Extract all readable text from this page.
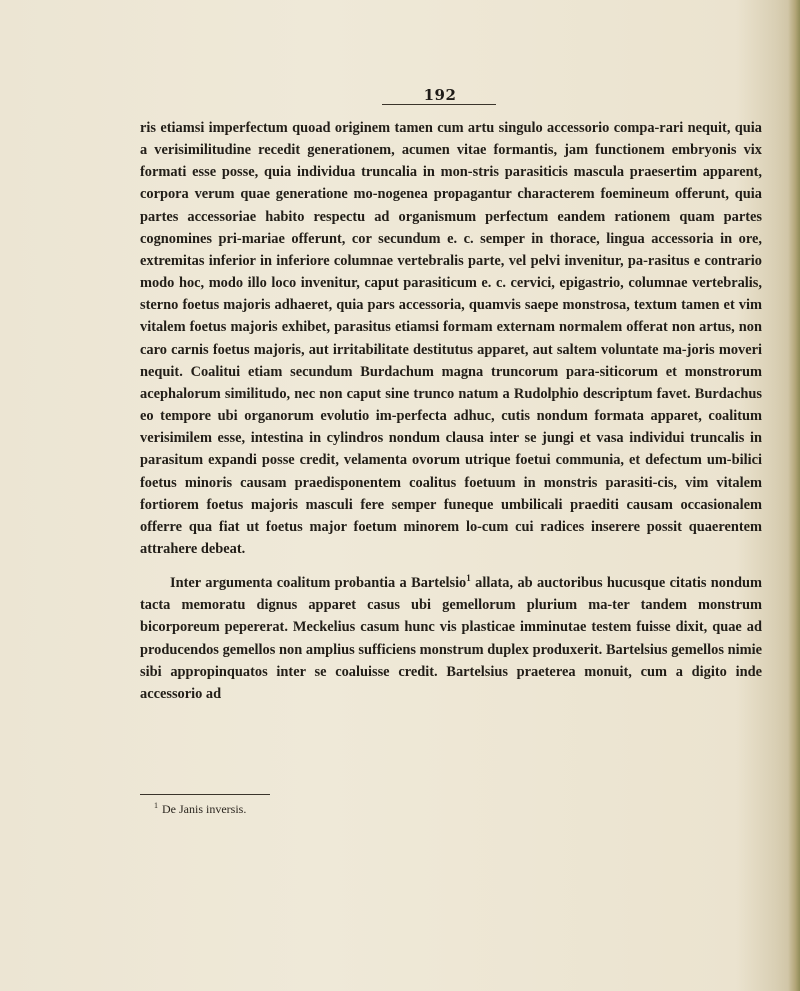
192

ris etiamsi imperfectum quoad originem tamen cum artu singulo accessorio compa-rari nequit, quia a verisimilitudine recedit generationem, acumen vitae formantis, jam functionem embryonis vix formati esse posse, quia individua truncalia in mon-stris parasiticis mascula praesertim apparent, corpora verum quae generatione mo-nogenea propagantur characterem foemineum offerunt, quia partes accessoriae habito respectu ad organismum perfectum eandem rationem quam partes cognomines pri-mariae offerunt, cor secundum e. c. semper in thorace, lingua accessoria in ore, extremitas inferior in inferiore columnae vertebralis parte, vel pelvi invenitur, pa-rasitus e contrario modo hoc, modo illo loco invenitur, caput parasiticum e. c. cervici, epigastrio, columnae vertebralis, sterno foetus majoris adhaeret, quia pars accessoria, quamvis saepe monstrosa, textum tamen et vim vitalem foetus majoris exhibet, parasitus etiamsi formam externam normalem offerat non artus, non caro carnis foetus majoris, aut irritabilitate destitutus apparet, aut saltem voluntate ma-joris moveri nequit. Coalitui etiam secundum Burdachum magna truncorum para-siticorum et monstrorum acephalorum similitudo, nec non caput sine trunco natum a Rudolphio descriptum favet. Burdachus eo tempore ubi organorum evolutio im-perfecta adhuc, cutis nondum formata apparet, coalitum verisimilem esse, intestina in cylindros nondum clausa inter se jungi et vasa individui truncalis in parasitum expandi posse credit, velamenta ovorum utrique foetui communia, et defectum um-bilici foetus minoris causam praedisponentem coalitus foetuum in monstris parasiti-cis, vim vitalem fortiorem foetus majoris masculi fere semper funeque umbilicali praediti causam occasionalem offerre qua fiat ut foetus major foetum minorem lo-cum cui radices inserere possit quaerentem attrahere debeat.

Inter argumenta coalitum probantia a Bartelsio$^1$ allata, ab auctoribus hucusque citatis nondum tacta memoratu dignus apparet casus ubi gemellorum plurium ma-ter tandem monstrum bicorporeum pepererat. Meckelius casum hunc vis plasticae imminutae testem fuisse dixit, quae ad producendos gemellos non amplius sufficiens monstrum duplex produxerit. Bartelsius gemellos nimie sibi appropinquatos inter se coaluisse credit. Bartelsius praeterea monuit, cum a digito inde accessorio ad

$^1$ De Janis inversis.
